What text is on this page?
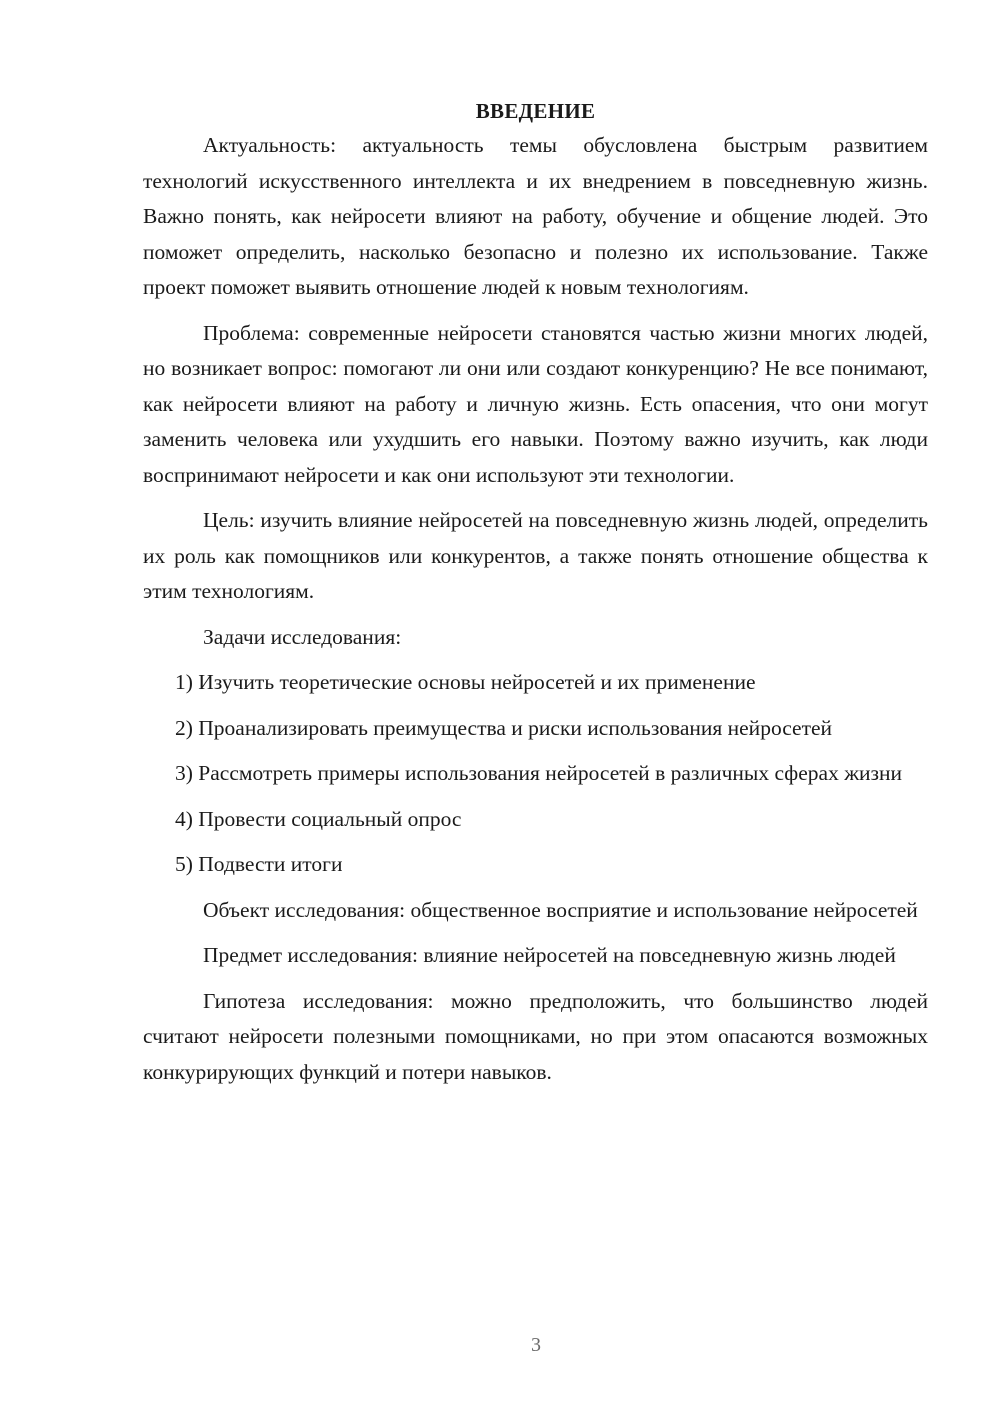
ВВЕДЕНИЕ

Актуальность: актуальность темы обусловлена быстрым развитием технологий искусственного интеллекта и их внедрением в повседневную жизнь. Важно понять, как нейросети влияют на работу, обучение и общение людей. Это поможет определить, насколько безопасно и полезно их использование. Также проект поможет выявить отношение людей к новым технологиям.

Проблема: современные нейросети становятся частью жизни многих людей, но возникает вопрос: помогают ли они или создают конкуренцию? Не все понимают, как нейросети влияют на работу и личную жизнь. Есть опасения, что они могут заменить человека или ухудшить его навыки. Поэтому важно изучить, как люди воспринимают нейросети и как они используют эти технологии.

Цель: изучить влияние нейросетей на повседневную жизнь людей, определить их роль как помощников или конкурентов, а также понять отношение общества к этим технологиям.

Задачи исследования:

1) Изучить теоретические основы нейросетей и их применение

2) Проанализировать преимущества и риски использования нейросетей

3) Рассмотреть примеры использования нейросетей в различных сферах жизни

4) Провести социальный опрос

5) Подвести итоги

Объект исследования: общественное восприятие и использование нейросетей

Предмет исследования: влияние нейросетей на повседневную жизнь людей

Гипотеза исследования: можно предположить, что большинство людей считают нейросети полезными помощниками, но при этом опасаются возможных конкурирующих функций и потери навыков.

3
